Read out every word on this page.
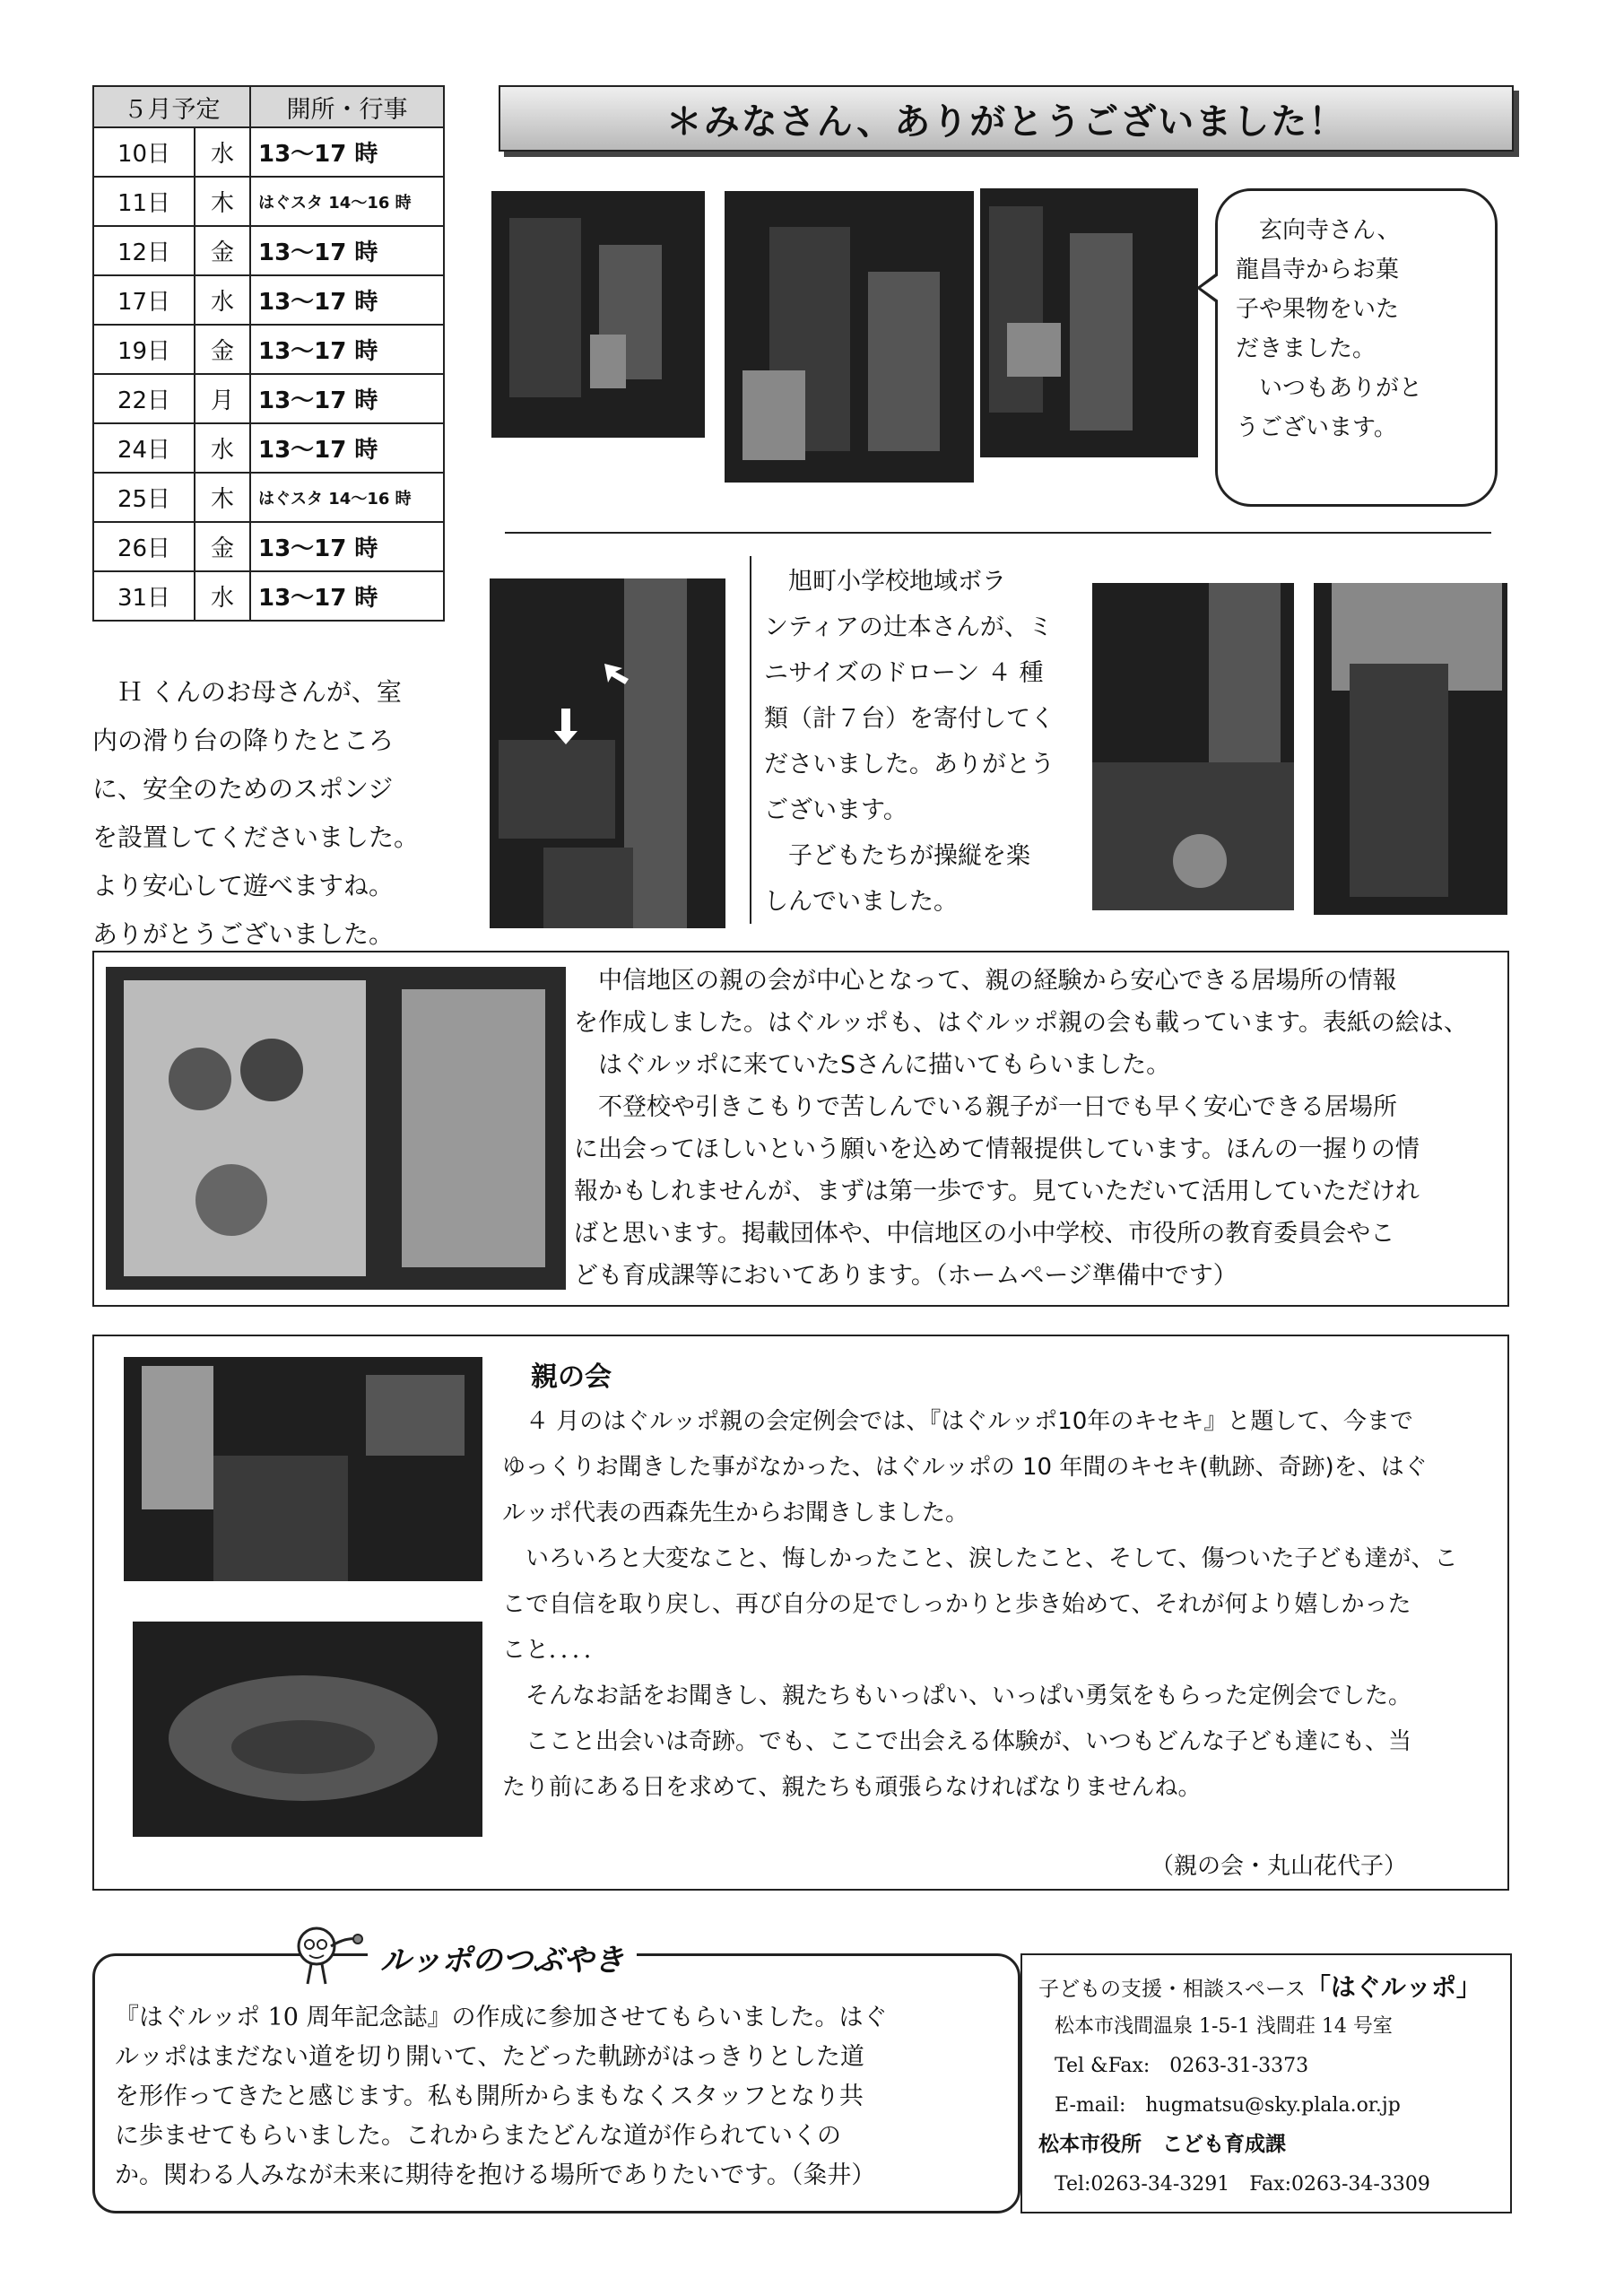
５月予定		開所・行事
10日	水	13〜17 時
11日	木	はぐスタ 14〜16 時
12日	金	13〜17 時
17日	水	13〜17 時
19日	金	13〜17 時
22日	月	13〜17 時
24日	水	13〜17 時
25日	木	はぐスタ 14〜16 時
26日	金	13〜17 時
31日	水	13〜17 時
＊みなさん、ありがとうございました！
玄向寺さん、
龍昌寺からお菓
子や果物をいた
だきました。
　いつもありがと
うございます。
Ｈ くんのお母さんが、室
内の滑り台の降りたところ
に、安全のためのスポンジ
を設置してくださいました。
より安心して遊べますね。
ありがとうございました。
旭町小学校地域ボラ
ンティアの辻本さんが、ミ
ニサイズのドローン ４ 種
類（計７台）を寄付してく
ださいました。ありがとう
ございます。
　子どもたちが操縦を楽
しんでいました。
　中信地区の親の会が中心となって、親の経験から安心できる居場所の情報
を作成しました。はぐルッポも、はぐルッポ親の会も載っています。表紙の絵は、
　はぐルッポに来ていたSさんに描いてもらいました。
　不登校や引きこもりで苦しんでいる親子が一日でも早く安心できる居場所
に出会ってほしいという願いを込めて情報提供しています。ほんの一握りの情
報かもしれませんが、まずは第一歩です。見ていただいて活用していただけれ
ばと思います。掲載団体や、中信地区の小中学校、市役所の教育委員会やこ
ども育成課等においてあります。（ホームページ準備中です）
親の会
　４ 月のはぐルッポ親の会定例会では、『はぐルッポ10年のキセキ』と題して、今まで
ゆっくりお聞きした事がなかった、はぐルッポの 10 年間のキセキ(軌跡、奇跡)を、はぐ
ルッポ代表の西森先生からお聞きしました。
　いろいろと大変なこと、悔しかったこと、涙したこと、そして、傷ついた子ども達が、こ
こで自信を取り戻し、再び自分の足でしっかりと歩き始めて、それが何より嬉しかった
こと．．．．
　そんなお話をお聞きし、親たちもいっぱい、いっぱい勇気をもらった定例会でした。
　ここと出会いは奇跡。でも、ここで出会える体験が、いつもどんな子ども達にも、当
たり前にある日を求めて、親たちも頑張らなければなりませんね。
（親の会・丸山花代子）
ルッポのつぶやき
『はぐルッポ 10 周年記念誌』の作成に参加させてもらいました。はぐ
ルッポはまだない道を切り開いて、たどった軌跡がはっきりとした道
を形作ってきたと感じます。私も開所からまもなくスタッフとなり共
に歩ませてもらいました。これからまたどんな道が作られていくの
か。関わる人みなが未来に期待を抱ける場所でありたいです。（粂井）
子どもの支援・相談スペース「はぐルッポ」
松本市浅間温泉 1-5-1 浅間荘 14 号室
Tel &Fax:　0263-31-3373
E-mail:　hugmatsu@sky.plala.or.jp
松本市役所　こども育成課
Tel:0263-34-3291　Fax:0263-34-3309
